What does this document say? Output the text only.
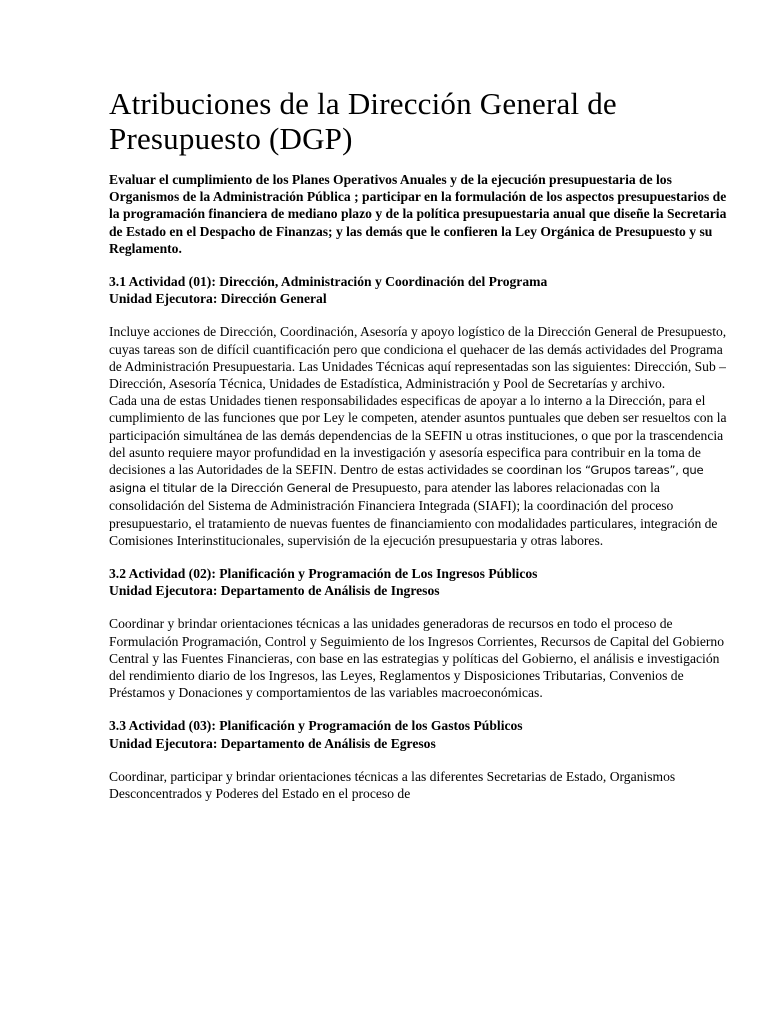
Atribuciones de la Dirección General de Presupuesto (DGP)

Evaluar el cumplimiento de los Planes Operativos Anuales y de la ejecución presupuestaria de los Organismos de la Administración Pública ; participar en la formulación de los aspectos presupuestarios de la programación financiera de mediano plazo y de la política presupuestaria anual que diseñe la Secretaria de Estado en el Despacho de Finanzas; y las demás que le confieren la Ley Orgánica de Presupuesto y su Reglamento.

3.1 Actividad (01): Dirección, Administración y Coordinación del Programa
Unidad Ejecutora: Dirección General

Incluye acciones de Dirección, Coordinación, Asesoría y apoyo logístico de la Dirección General de Presupuesto, cuyas tareas son de difícil cuantificación pero que condiciona el quehacer de las demás actividades del Programa de Administración Presupuestaria. Las Unidades Técnicas aquí representadas son las siguientes: Dirección, Sub – Dirección, Asesoría Técnica, Unidades de Estadística, Administración y Pool de Secretarías y archivo.

Cada una de estas Unidades tienen responsabilidades especificas de apoyar a lo interno a la Dirección, para el cumplimiento de las funciones que por Ley le competen, atender asuntos puntuales que deben ser resueltos con la participación simultánea de las demás dependencias de la SEFIN u otras instituciones, o que por la trascendencia del asunto requiere mayor profundidad en la investigación y asesoría especifica para contribuir en la toma de decisiones a las Autoridades de la SEFIN. Dentro de estas actividades se coordinan los “Grupos tareas”, que asigna el titular de la Dirección General de Presupuesto, para atender las labores relacionadas con la consolidación del Sistema de Administración Financiera Integrada (SIAFI); la coordinación del proceso presupuestario, el tratamiento de nuevas fuentes de financiamiento con modalidades particulares, integración de Comisiones Interinstitucionales, supervisión de la ejecución presupuestaria y otras labores.

3.2 Actividad (02): Planificación y Programación de Los Ingresos Públicos
Unidad Ejecutora: Departamento de Análisis de Ingresos

Coordinar y brindar orientaciones técnicas a las unidades generadoras de recursos en todo el proceso de Formulación Programación, Control y Seguimiento de los Ingresos Corrientes, Recursos de Capital del Gobierno Central y las Fuentes Financieras, con base en las estrategias y políticas del Gobierno, el análisis e investigación del rendimiento diario de los Ingresos, las Leyes, Reglamentos y Disposiciones Tributarias, Convenios de Préstamos y Donaciones y comportamientos de las variables macroeconómicas.

3.3 Actividad (03): Planificación y Programación de los Gastos Públicos
Unidad Ejecutora: Departamento de Análisis de Egresos

Coordinar, participar y brindar orientaciones técnicas a las diferentes Secretarias de Estado, Organismos Desconcentrados y Poderes del Estado en el proceso de
